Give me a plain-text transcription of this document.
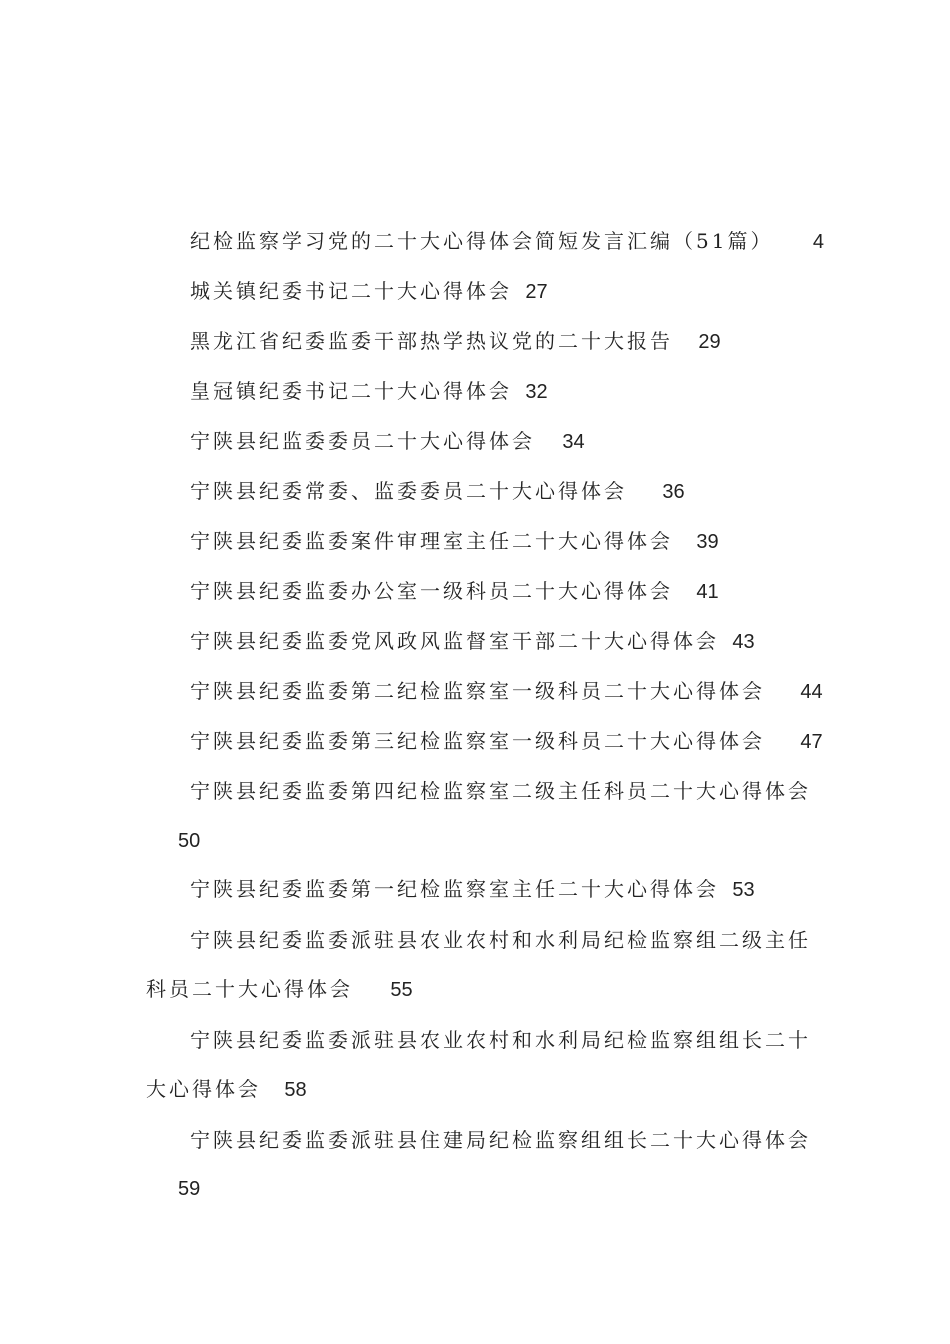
纪检监察学习党的二十大心得体会简短发言汇编（51篇） 4
城关镇纪委书记二十大心得体会 27
黑龙江省纪委监委干部热学热议党的二十大报告 29
皇冠镇纪委书记二十大心得体会 32
宁陕县纪监委委员二十大心得体会 34
宁陕县纪委常委、监委委员二十大心得体会 36
宁陕县纪委监委案件审理室主任二十大心得体会 39
宁陕县纪委监委办公室一级科员二十大心得体会 41
宁陕县纪委监委党风政风监督室干部二十大心得体会 43
宁陕县纪委监委第二纪检监察室一级科员二十大心得体会 44
宁陕县纪委监委第三纪检监察室一级科员二十大心得体会 47
宁陕县纪委监委第四纪检监察室二级主任科员二十大心得体会
50
宁陕县纪委监委第一纪检监察室主任二十大心得体会 53
宁陕县纪委监委派驻县农业农村和水利局纪检监察组二级主任
科员二十大心得体会 55
宁陕县纪委监委派驻县农业农村和水利局纪检监察组组长二十
大心得体会 58
宁陕县纪委监委派驻县住建局纪检监察组组长二十大心得体会
59
